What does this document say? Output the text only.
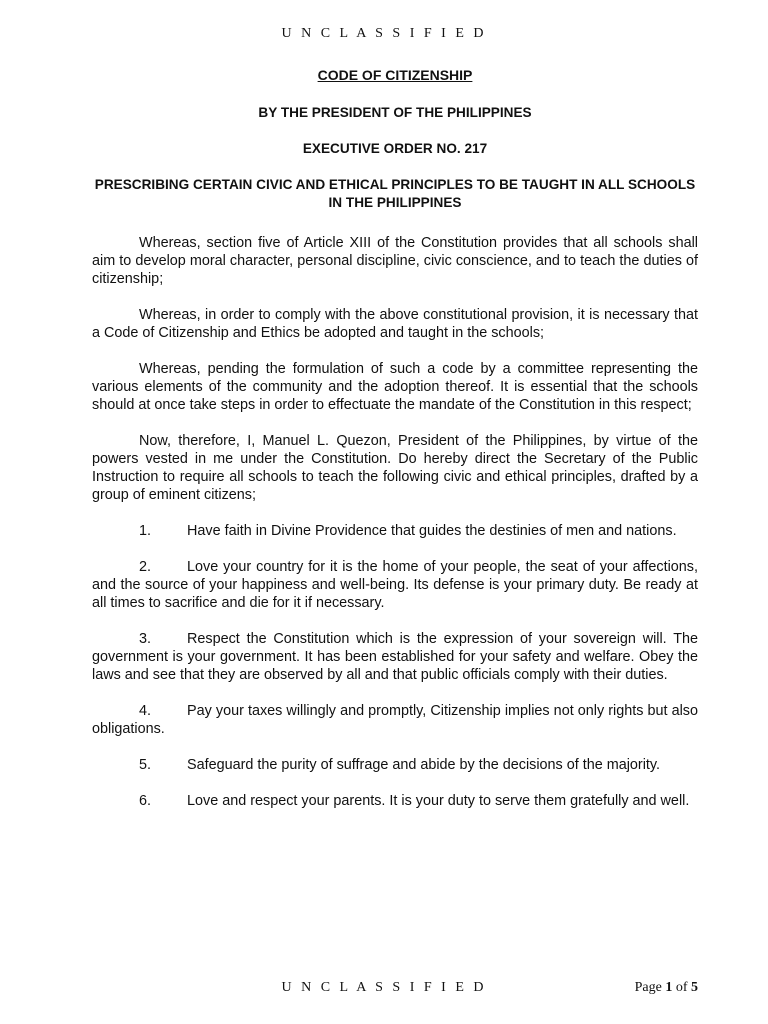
U N C L A S S I F I E D
CODE OF CITIZENSHIP
BY THE PRESIDENT OF THE PHILIPPINES
EXECUTIVE ORDER NO. 217
PRESCRIBING CERTAIN CIVIC AND ETHICAL PRINCIPLES TO BE TAUGHT IN ALL SCHOOLS IN THE PHILIPPINES

Whereas, section five of Article XIII of the Constitution provides that all schools shall aim to develop moral character, personal discipline, civic conscience, and to teach the duties of citizenship;

Whereas, in order to comply with the above constitutional provision, it is necessary that a Code of Citizenship and Ethics be adopted and taught in the schools;

Whereas, pending the formulation of such a code by a committee representing the various elements of the community and the adoption thereof. It is essential that the schools should at once take steps in order to effectuate the mandate of the Constitution in this respect;

Now, therefore, I, Manuel L. Quezon, President of the Philippines, by virtue of the powers vested in me under the Constitution. Do hereby direct the Secretary of the Public Instruction to require all schools to teach the following civic and ethical principles, drafted by a group of eminent citizens;

1. Have faith in Divine Providence that guides the destinies of men and nations.
2. Love your country for it is the home of your people, the seat of your affections, and the source of your happiness and well-being. Its defense is your primary duty. Be ready at all times to sacrifice and die for it if necessary.
3. Respect the Constitution which is the expression of your sovereign will. The government is your government. It has been established for your safety and welfare. Obey the laws and see that they are observed by all and that public officials comply with their duties.
4. Pay your taxes willingly and promptly, Citizenship implies not only rights but also obligations.
5. Safeguard the purity of suffrage and abide by the decisions of the majority.
6. Love and respect your parents. It is your duty to serve them gratefully and well.
U N C L A S S I F I E D	Page 1 of 5
